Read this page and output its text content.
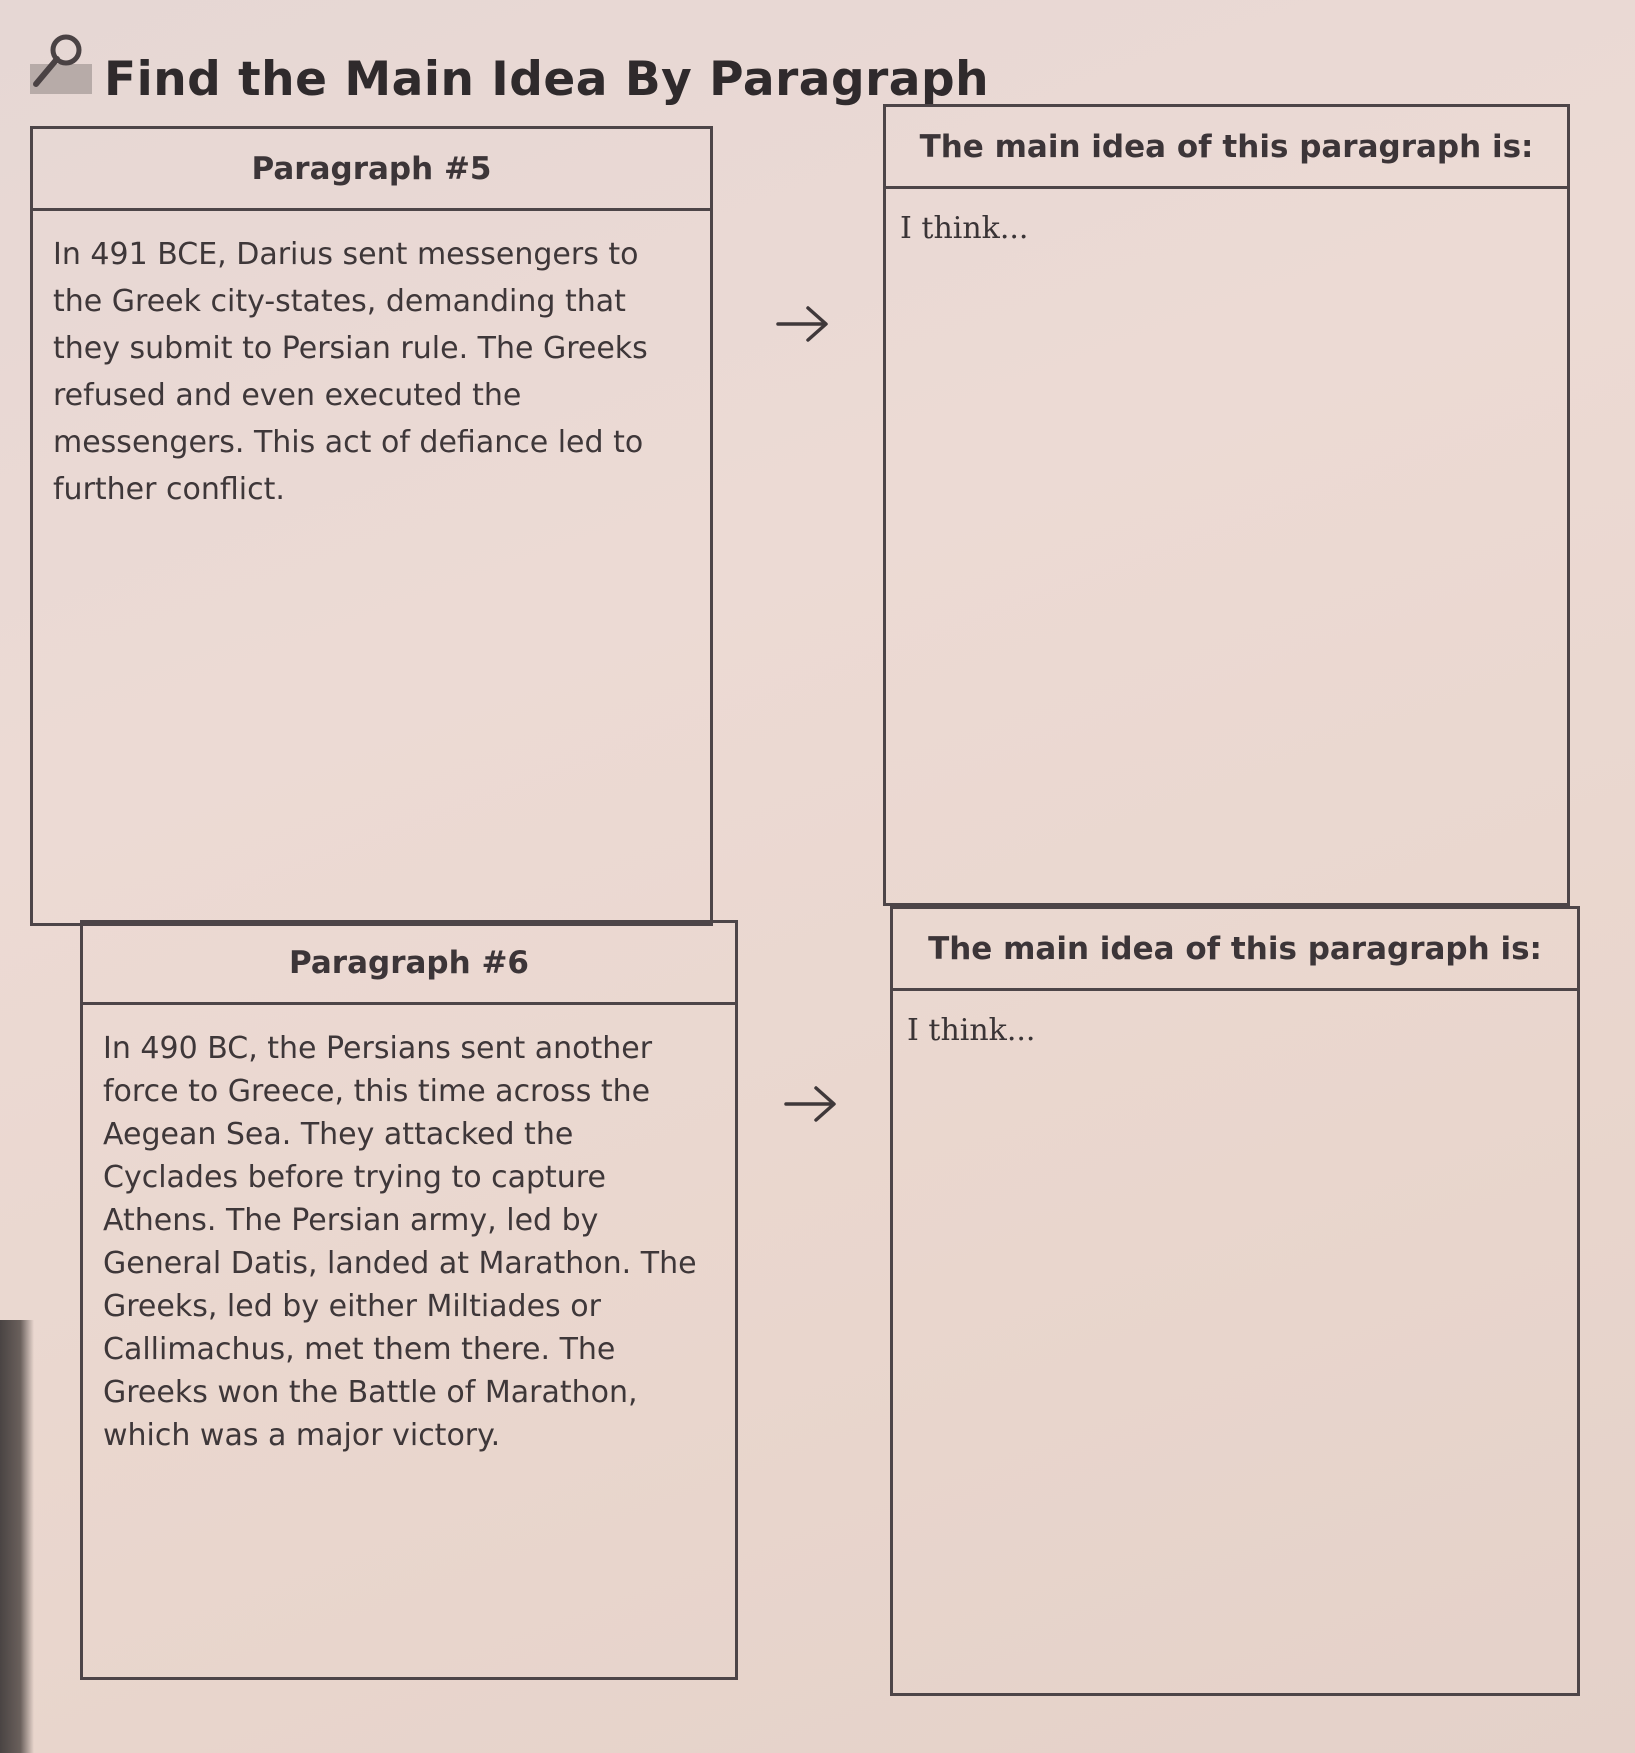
Find the Main Idea By Paragraph
Paragraph #5
In 491 BCE, Darius sent messengers to the Greek city-states, demanding that they submit to Persian rule. The Greeks refused and even executed the messengers. This act of defiance led to further conflict.
The main idea of this paragraph is:
I think...
Paragraph #6
In 490 BC, the Persians sent another force to Greece, this time across the Aegean Sea. They attacked the Cyclades before trying to capture Athens. The Persian army, led by General Datis, landed at Marathon. The Greeks, led by either Miltiades or Callimachus, met them there. The Greeks won the Battle of Marathon, which was a major victory.
The main idea of this paragraph is:
I think...
